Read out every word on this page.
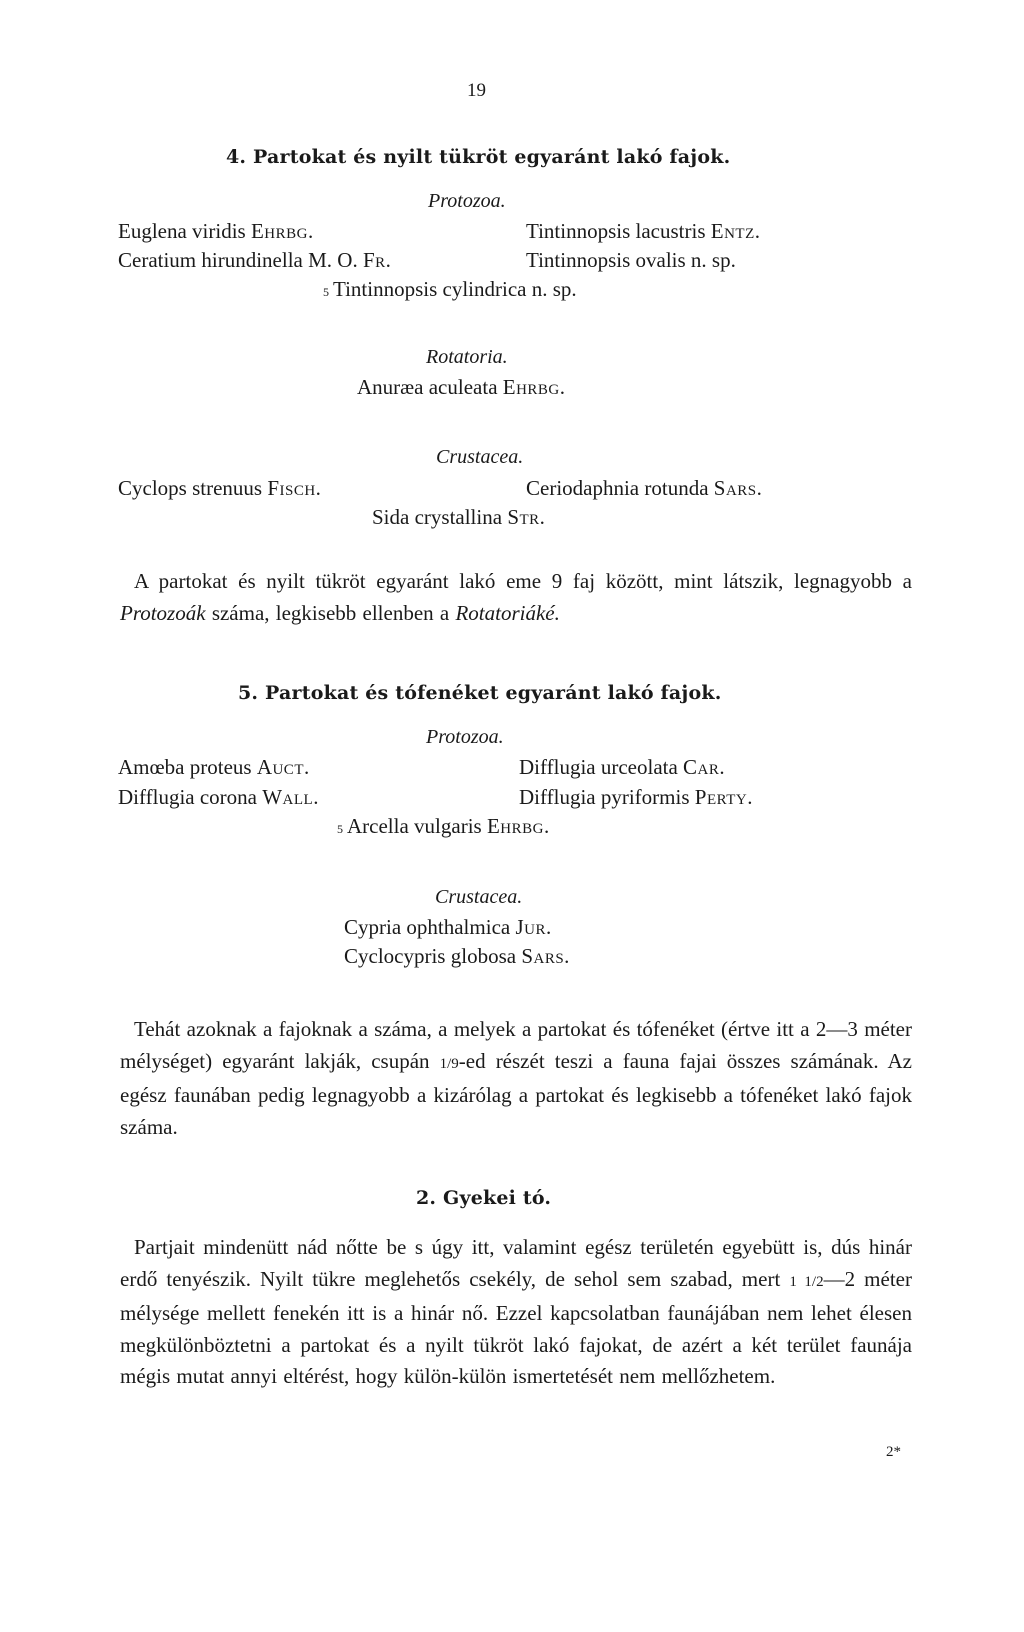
19
4. Partokat és nyilt tükröt egyaránt lakó fajok.
Protozoa.
Euglena viridis Ehrbg.	Tintinnopsis lacustris Entz.
Ceratium hirundinella M. O. Fr.	Tintinnopsis ovalis n. sp.
5 Tintinnopsis cylindrica n. sp.
Rotatoria.
Anuræa aculeata Ehrbg.
Crustacea.
Cyclops strenuus Fisch.	Ceriodaphnia rotunda Sars.
Sida crystallina Str.

A partokat és nyilt tükröt egyaránt lakó eme 9 faj között, mint látszik, legnagyobb a Protozoák száma, legkisebb ellenben a Rotatoriáké.

5. Partokat és tófenéket egyaránt lakó fajok.
Protozoa.
Amœba proteus Auct.	Difflugia urceolata Car.
Difflugia corona Wall.	Difflugia pyriformis Perty.
5 Arcella vulgaris Ehrbg.
Crustacea.
Cypria ophthalmica Jur.
Cyclocypris globosa Sars.

Tehát azoknak a fajoknak a száma, a melyek a partokat és tófenéket (értve itt a 2—3 méter mélységet) egyaránt lakják, csupán 1/9-ed részét teszi a fauna fajai összes számának. Az egész faunában pedig legnagyobb a kizárólag a partokat és legkisebb a tófenéket lakó fajok száma.

2. Gyekei tó.

Partjait mindenütt nád nőtte be s úgy itt, valamint egész területén egyebütt is, dús hinár erdő tenyészik. Nyilt tükre meglehetős csekély, de sehol sem szabad, mert 1 1/2—2 méter mélysége mellett fenekén itt is a hinár nő. Ezzel kapcsolatban faunájában nem lehet élesen megkülönböztetni a partokat és a nyilt tükröt lakó fajokat, de azért a két terület faunája mégis mutat annyi eltérést, hogy külön-külön ismertetését nem mellőzhetem.

2*
